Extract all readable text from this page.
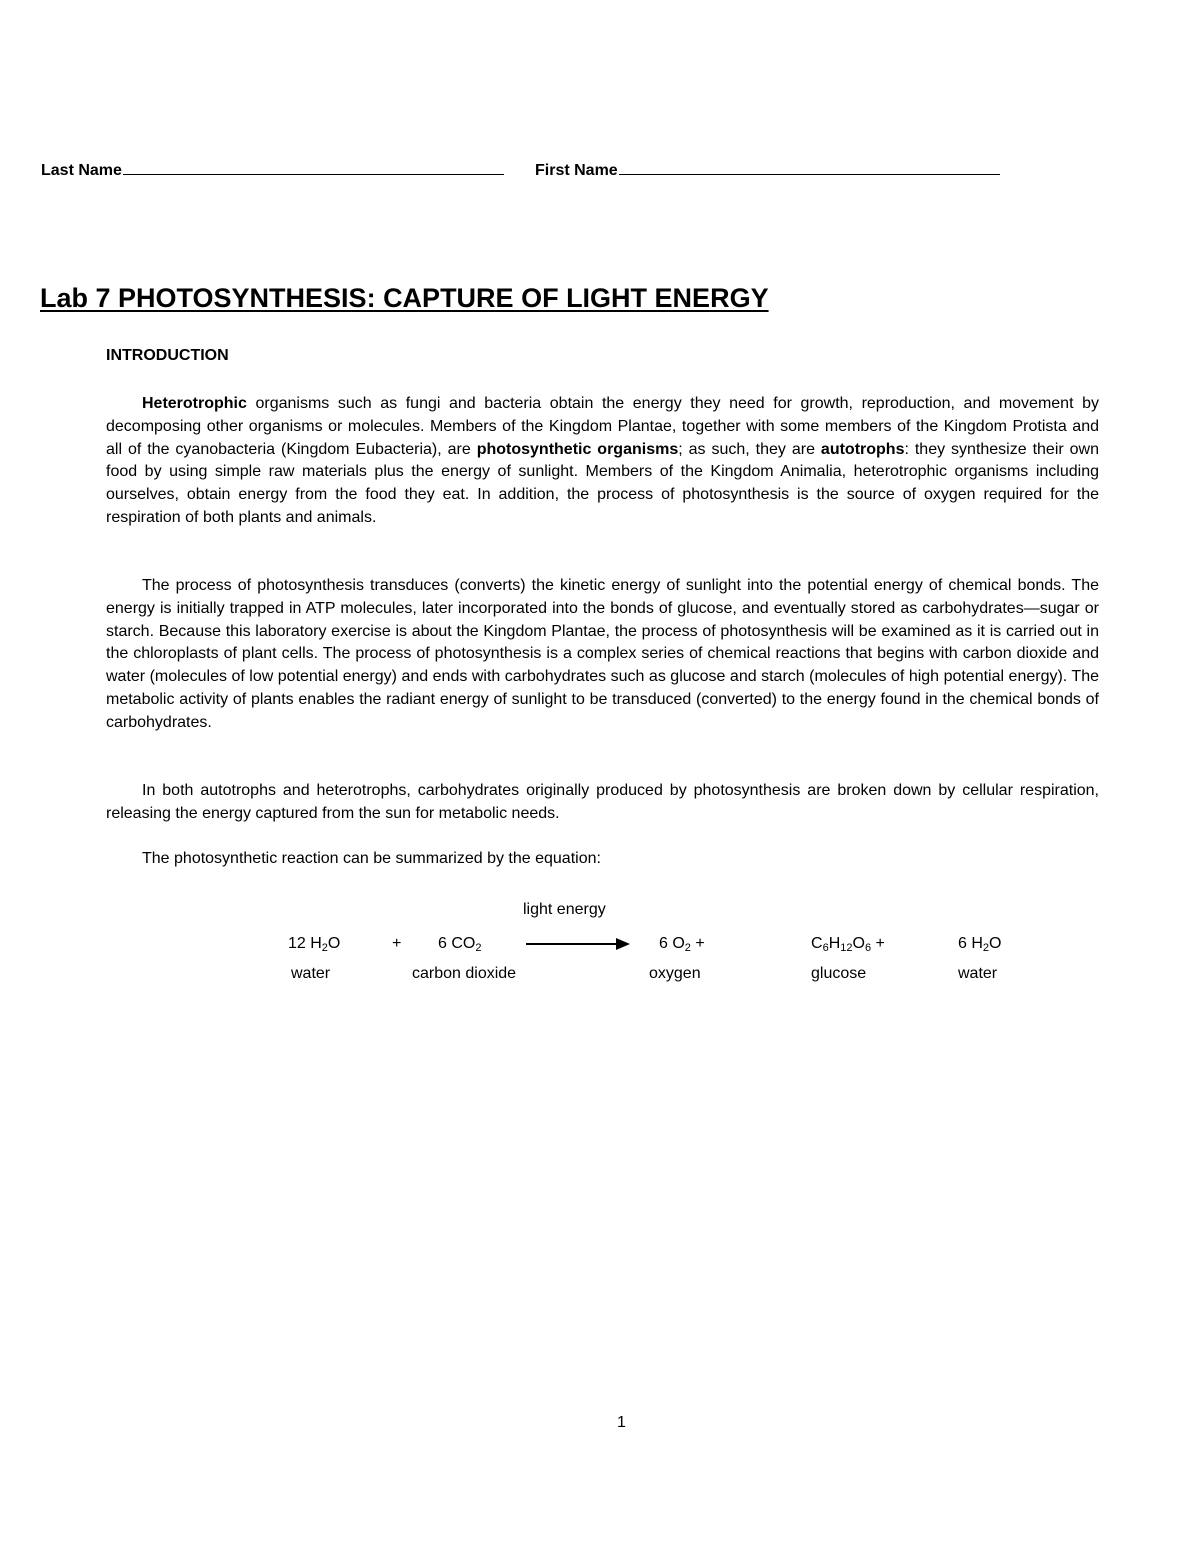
Last Name	First Name
Lab 7 PHOTOSYNTHESIS: CAPTURE OF LIGHT ENERGY
INTRODUCTION

Heterotrophic organisms such as fungi and bacteria obtain the energy they need for growth, reproduction, and movement by decomposing other organisms or molecules. Members of the Kingdom Plantae, together with some members of the Kingdom Protista and all of the cyanobacteria (Kingdom Eubacteria), are photosynthetic organisms; as such, they are autotrophs: they synthesize their own food by using simple raw materials plus the energy of sunlight. Members of the Kingdom Animalia, heterotrophic organisms including ourselves, obtain energy from the food they eat. In addition, the process of photosynthesis is the source of oxygen required for the respiration of both plants and animals.

The process of photosynthesis transduces (converts) the kinetic energy of sunlight into the potential energy of chemical bonds. The energy is initially trapped in ATP molecules, later incorporated into the bonds of glucose, and eventually stored as carbohydrates—sugar or starch. Because this laboratory exercise is about the Kingdom Plantae, the process of photosynthesis will be examined as it is carried out in the chloroplasts of plant cells. The process of photosynthesis is a complex series of chemical reactions that begins with carbon dioxide and water (molecules of low potential energy) and ends with carbohydrates such as glucose and starch (molecules of high potential energy). The metabolic activity of plants enables the radiant energy of sunlight to be transduced (converted) to the energy found in the chemical bonds of carbohydrates.

In both autotrophs and heterotrophs, carbohydrates originally produced by photosynthesis are broken down by cellular respiration, releasing the energy captured from the sun for metabolic needs.

The photosynthetic reaction can be summarized by the equation:

light energy
12 $H_2O$	+ 6 $CO_2$	6 $O_2$ +	$C_6H_{12}O_6$ +	6 $H_2O$
water	carbon dioxide	oxygen	glucose	water
1
